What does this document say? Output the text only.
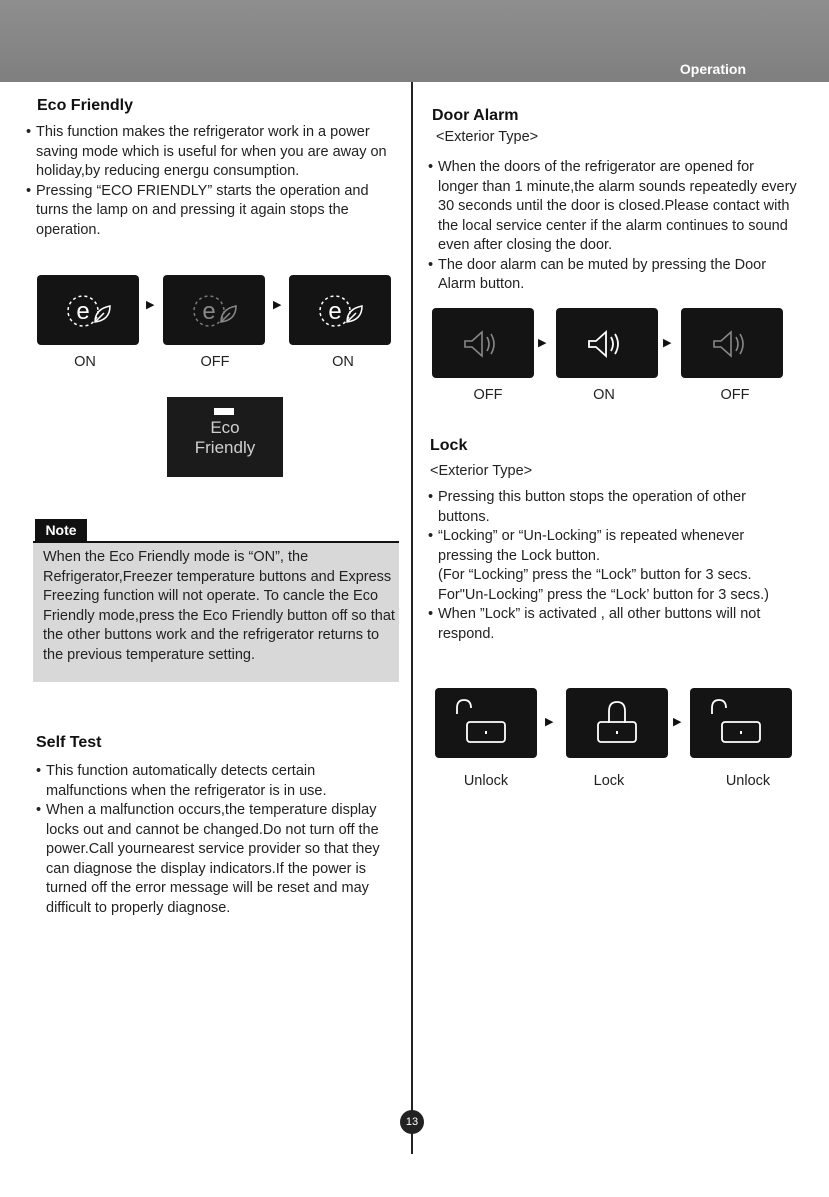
Operation
Eco Friendly
• This function makes the refrigerator work in a power saving mode which is useful for when you are away on holiday,by reducing energu consumption.
• Pressing “ECO FRIENDLY” starts the operation and turns the lamp on and pressing it again stops the operation.
e	▶ e	▶ e
ON	OFF	ON
Eco
Friendly
Note
When the Eco Friendly mode is “ON”, the Refrigerator,Freezer temperature buttons and Express Freezing function will not operate. To cancle the Eco Friendly mode,press the Eco Friendly button off so that the other buttons work and the refrigerator returns to the previous temperature setting.
Self Test
• This function automatically detects certain malfunctions when the refrigerator is in use.
• When a malfunction occurs,the temperature display locks out and cannot be changed.Do not turn off the power.Call yournearest service provider so that they can diagnose the display indicators.If the power is turned off the error message will be reset and may difficult to properly diagnose.
Door Alarm
<Exterior Type>
• When the doors of the refrigerator are opened for longer than 1 minute,the alarm sounds repeatedly every 30 seconds until the door is closed.Please contact with the local service center if the alarm continues to sound even after closing the door.
• The door alarm can be muted by pressing the Door Alarm button.
▶	▶
OFF	ON	OFF
Lock
<Exterior Type>
• Pressing this button stops the operation of other buttons.
• “Locking” or “Un-Locking” is repeated whenever pressing the Lock button.
(For “Locking” press the “Lock” button for 3 secs. For"Un-Locking” press the “Lock’ button for 3 secs.)
• When ”Lock” is activated , all other buttons will not respond.
▶	▶
Unlock	Lock	Unlock
13
